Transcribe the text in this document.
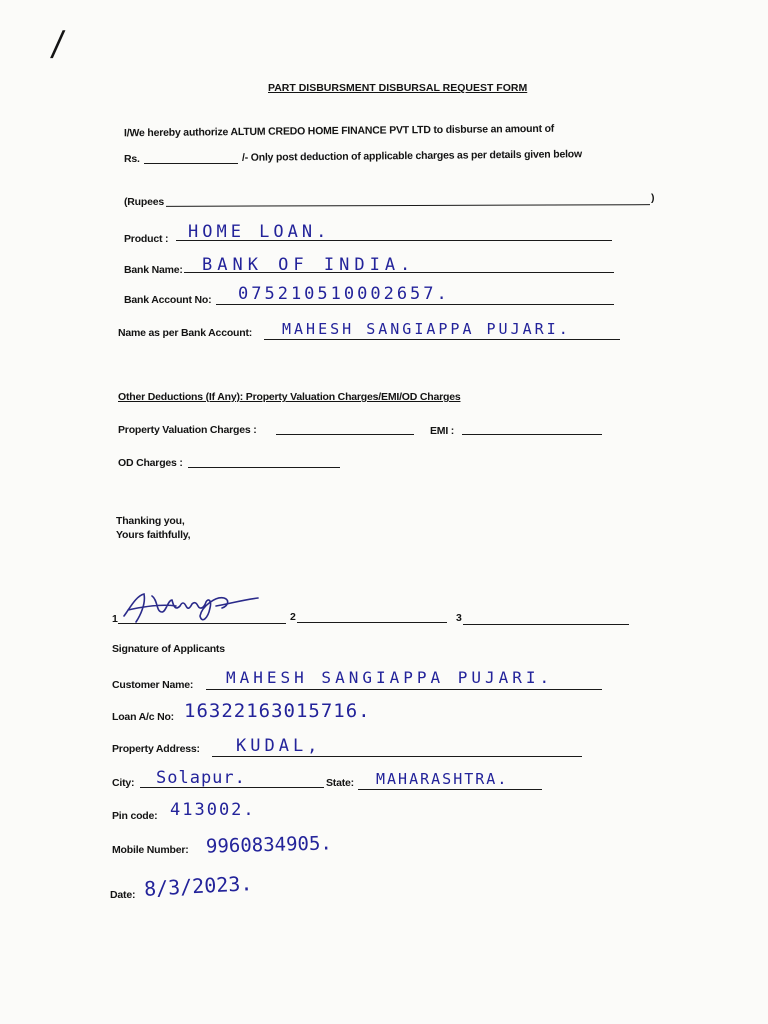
/
PART DISBURSMENT DISBURSAL REQUEST FORM
I/We hereby authorize ALTUM CREDO HOME FINANCE PVT LTD to disburse an amount of
Rs.	/- Only post deduction of applicable charges as per details given below
(Rupees	)
Product : HOME LOAN.
Bank Name: BANK OF INDIA.
Bank Account No: 075210510002657.
Name as per Bank Account: MAHESH SANGIAPPA PUJARI.
Other Deductions (If Any): Property Valuation Charges/EMI/OD Charges
Property Valuation Charges :	EMI :
OD Charges :
Thanking you,
Yours faithfully,
1	2	3
Signature of Applicants
Customer Name: MAHESH SANGIAPPA PUJARI.
Loan A/c No: 16322163015716.
Property Address: KUDAL,
City: Solapur.	State: MAHARASHTRA.
Pin code: 413002.
Mobile Number: 9960834905.
Date: 8/3/2023.
